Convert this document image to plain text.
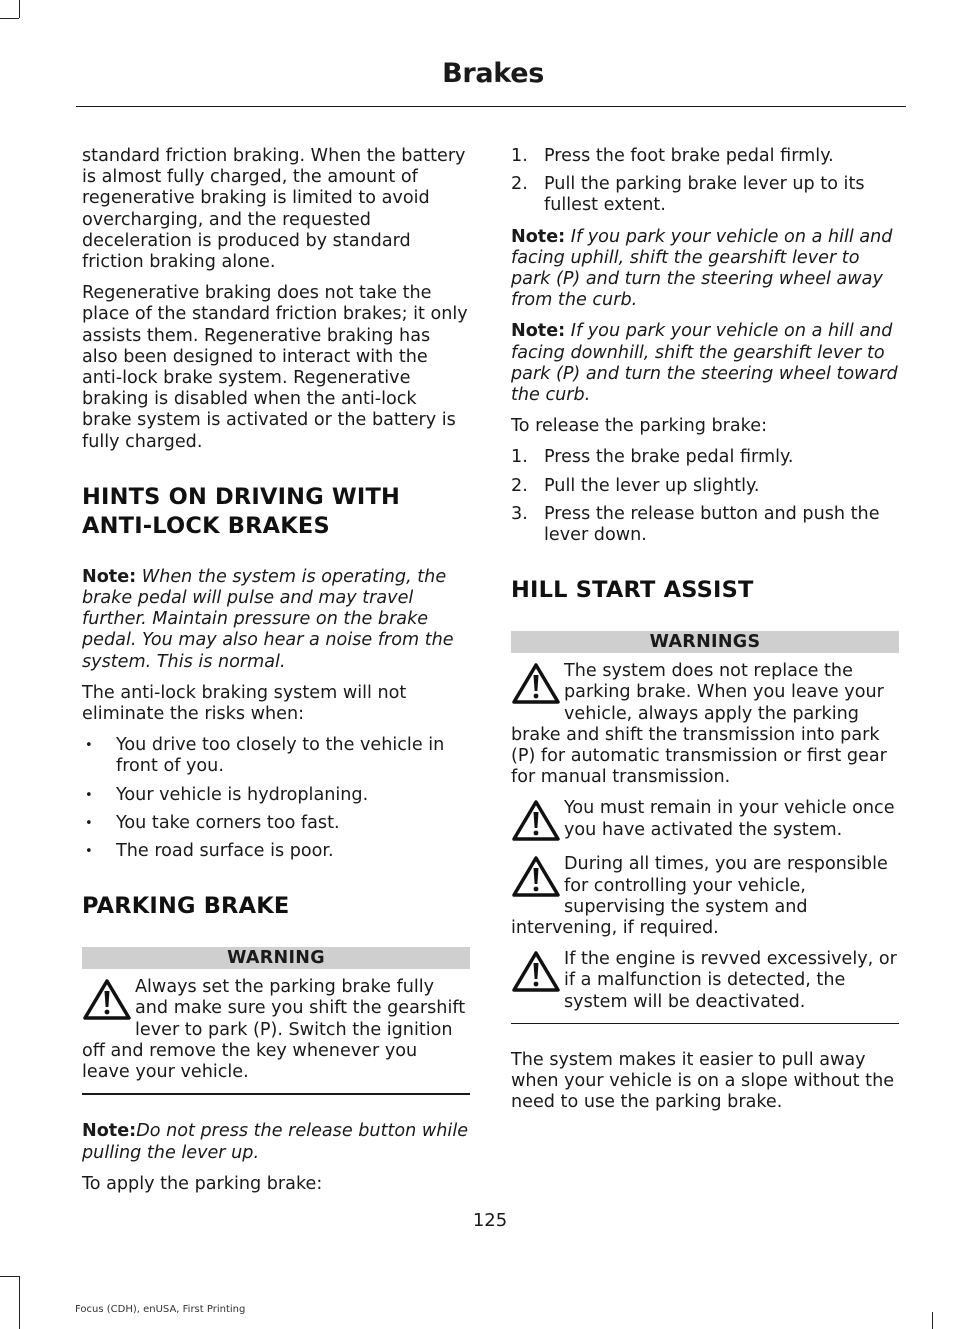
Brakes

standard friction braking. When the battery is almost fully charged, the amount of regenerative braking is limited to avoid overcharging, and the requested deceleration is produced by standard friction braking alone.

Regenerative braking does not take the place of the standard friction brakes; it only assists them. Regenerative braking has also been designed to interact with the anti-lock brake system. Regenerative braking is disabled when the anti-lock brake system is activated or the battery is fully charged.

HINTS ON DRIVING WITH ANTI-LOCK BRAKES

Note: When the system is operating, the brake pedal will pulse and may travel further. Maintain pressure on the brake pedal. You may also hear a noise from the system. This is normal.

The anti-lock braking system will not eliminate the risks when:

• You drive too closely to the vehicle in front of you.
• Your vehicle is hydroplaning.
• You take corners too fast.
• The road surface is poor.
PARKING BRAKE
WARNING
Always set the parking brake fully and make sure you shift the gearshift lever to park (P). Switch the ignition off and remove the key whenever you leave your vehicle.

Note:Do not press the release button while pulling the lever up.

To apply the parking brake:

1. Press the foot brake pedal firmly.
2. Pull the parking brake lever up to its fullest extent.

Note: If you park your vehicle on a hill and facing uphill, shift the gearshift lever to park (P) and turn the steering wheel away from the curb.

Note: If you park your vehicle on a hill and facing downhill, shift the gearshift lever to park (P) and turn the steering wheel toward the curb.

To release the parking brake:

1. Press the brake pedal firmly.
2. Pull the lever up slightly.
3. Press the release button and push the lever down.
HILL START ASSIST
WARNINGS
The system does not replace the parking brake. When you leave your vehicle, always apply the parking brake and shift the transmission into park (P) for automatic transmission or first gear for manual transmission.
You must remain in your vehicle once you have activated the system.
During all times, you are responsible for controlling your vehicle, supervising the system and intervening, if required.
If the engine is revved excessively, or if a malfunction is detected, the system will be deactivated.

The system makes it easier to pull away when your vehicle is on a slope without the need to use the parking brake.

125
Focus (CDH), enUSA, First Printing
